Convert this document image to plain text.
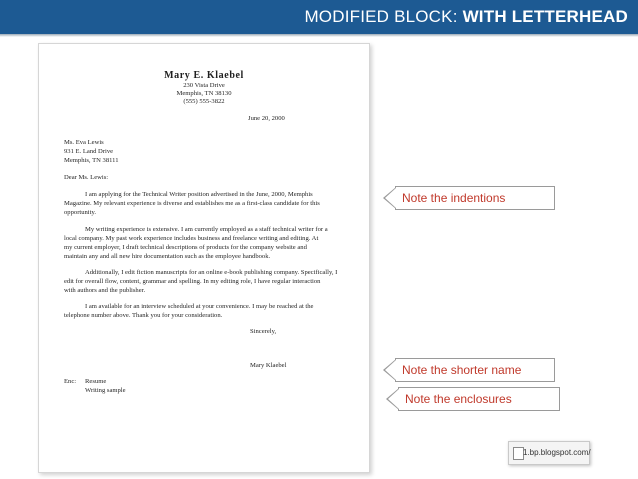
MODIFIED BLOCK: WITH LETTERHEAD
Mary E. Klaebel
230 Vista Drive
Memphis, TN 38130
(555) 555-3822
June 20, 2000
Ms. Eva Lewis
931 E. Land Drive
Memphis, TN 38111
Dear Ms. Lewis:
I am applying for the Technical Writer position advertised in the June, 2000, Memphis
Magazine. My relevant experience is diverse and establishes me as a first-class candidate for this
opportunity.
My writing experience is extensive. I am currently employed as a staff technical writer for a
local company. My past work experience includes business and freelance writing and editing. At
my current employer, I draft technical descriptions of products for the company website and
maintain any and all new hire documentation such as the employee handbook.
Additionally, I edit fiction manuscripts for an online e-book publishing company. Specifically, I
edit for overall flow, content, grammar and spelling. In my editing role, I have regular interaction
with authors and the publisher.
I am available for an interview scheduled at your convenience. I may be reached at the
telephone number above. Thank you for your consideration.
Sincerely,
Mary Klaebel
Enc: Resume
Writing sample
Note the indentions
Note the shorter name
Note the enclosures
1.bp.blogspot.com/
